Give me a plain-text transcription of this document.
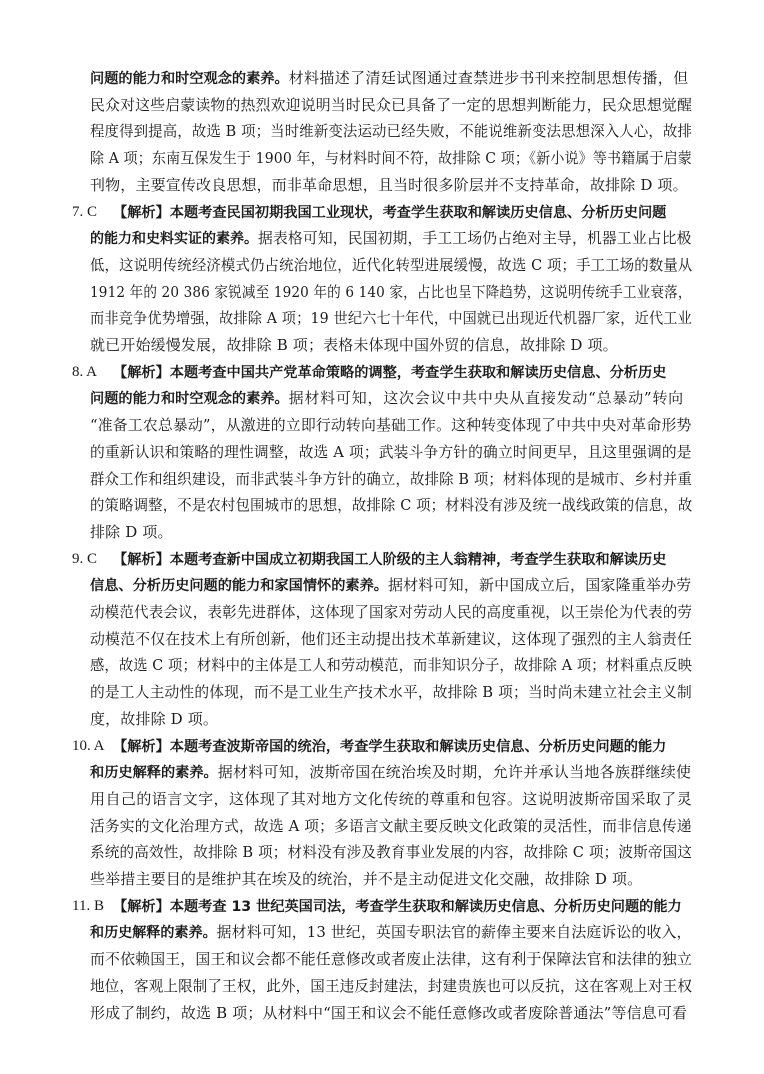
问题的能力和时空观念的素养。材料描述了清廷试图通过查禁进步书刊来控制思想传播，但
民众对这些启蒙读物的热烈欢迎说明当时民众已具备了一定的思想判断能力，民众思想觉醒
程度得到提高，故选 B 项；当时维新变法运动已经失败，不能说维新变法思想深入人心，故排
除 A 项；东南互保发生于 1900 年，与材料时间不符，故排除 C 项；《新小说》等书籍属于启蒙
刊物，主要宣传改良思想，而非革命思想，且当时很多阶层并不支持革命，故排除 D 项。
7. C 【解析】本题考查民国初期我国工业现状，考查学生获取和解读历史信息、分析历史问题
的能力和史料实证的素养。据表格可知，民国初期，手工工场仍占绝对主导，机器工业占比极
低，这说明传统经济模式仍占统治地位，近代化转型进展缓慢，故选 C 项；手工工场的数量从
1912 年的 20 386 家锐减至 1920 年的 6 140 家，占比也呈下降趋势，这说明传统手工业衰落，
而非竞争优势增强，故排除 A 项；19 世纪六七十年代，中国就已出现近代机器厂家，近代工业
就已开始缓慢发展，故排除 B 项；表格未体现中国外贸的信息，故排除 D 项。
8. A 【解析】本题考查中国共产党革命策略的调整，考查学生获取和解读历史信息、分析历史
问题的能力和时空观念的素养。据材料可知，这次会议中共中央从直接发动“总暴动”转向
“准备工农总暴动”，从激进的立即行动转向基础工作。这种转变体现了中共中央对革命形势
的重新认识和策略的理性调整，故选 A 项；武装斗争方针的确立时间更早，且这里强调的是
群众工作和组织建设，而非武装斗争方针的确立，故排除 B 项；材料体现的是城市、乡村并重
的策略调整，不是农村包围城市的思想，故排除 C 项；材料没有涉及统一战线政策的信息，故
排除 D 项。
9. C 【解析】本题考查新中国成立初期我国工人阶级的主人翁精神，考查学生获取和解读历史
信息、分析历史问题的能力和家国情怀的素养。据材料可知，新中国成立后，国家隆重举办劳
动模范代表会议，表彰先进群体，这体现了国家对劳动人民的高度重视，以王崇伦为代表的劳
动模范不仅在技术上有所创新，他们还主动提出技术革新建议，这体现了强烈的主人翁责任
感，故选 C 项；材料中的主体是工人和劳动模范，而非知识分子，故排除 A 项；材料重点反映
的是工人主动性的体现，而不是工业生产技术水平，故排除 B 项；当时尚未建立社会主义制
度，故排除 D 项。
10. A 【解析】本题考查波斯帝国的统治，考查学生获取和解读历史信息、分析历史问题的能力
和历史解释的素养。据材料可知，波斯帝国在统治埃及时期，允许并承认当地各族群继续使
用自己的语言文字，这体现了其对地方文化传统的尊重和包容。这说明波斯帝国采取了灵
活务实的文化治理方式，故选 A 项；多语言文献主要反映文化政策的灵活性，而非信息传递
系统的高效性，故排除 B 项；材料没有涉及教育事业发展的内容，故排除 C 项；波斯帝国这
些举措主要目的是维护其在埃及的统治，并不是主动促进文化交融，故排除 D 项。
11. B 【解析】本题考查 13 世纪英国司法，考查学生获取和解读历史信息、分析历史问题的能力
和历史解释的素养。据材料可知，13 世纪，英国专职法官的薪俸主要来自法庭诉讼的收入，
而不依赖国王，国王和议会都不能任意修改或者废止法律，这有利于保障法官和法律的独立
地位，客观上限制了王权，此外，国王违反封建法，封建贵族也可以反抗，这在客观上对王权
形成了制约，故选 B 项；从材料中“国王和议会不能任意修改或者废除普通法”等信息可看
